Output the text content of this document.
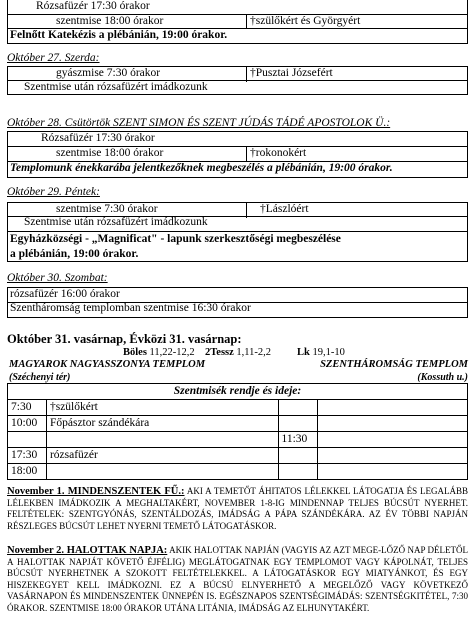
Rózsafüzér 17:30 órakor
szentmise 18:00 órakor	†szülőkért és Györgyért
Felnőtt Katekézis a plébánián, 19:00 órakor.
Október 27. Szerda:
gyászmise 7:30 órakor	†Pusztai Józsefért
Szentmise után rózsafüzért imádkozunk
Október 28. Csütörtök SZENT SIMON ÉS SZENT JÚDÁS TÁDÉ APOSTOLOK Ü.:
Rózsafüzér 17:30 órakor
szentmise 18:00 órakor	†rokonokért
Templomunk énekkarába jelentkezőknek megbeszélés a plébánián, 19:00 órakor.
Október 29. Péntek:
szentmise 7:30 órakor	†Lászlóért
Szentmise után rózsafüzért imádkozunk
Egyházközségi - „Magnificat" - lapunk szerkesztőségi megbeszélése
a plébánián, 19:00 órakor.
Október 30. Szombat:
rózsafüzér 16:00 órakor
Szentháromság templomban szentmise 16:30 órakor
Október 31. vasárnap, Évközi 31. vasárnap:
Böles 11,22-12,2 2Tessz 1,11-2,2 Lk 19,1-10
MAGYAROK NAGYASSZONYA TEMPLOM	SZENTHÁROMSÁG TEMPLOM
(Széchenyi tér)	(Kossuth u.)
Szentmisék rendje és ideje:
7:30	†szülőkért		
10:00	Főpásztor szándékára		
		11:30	
17:30	rózsafüzér		
18:00			
November 1. MINDENSZENTEK FŰ.: AKI A TEMETŐT ÁHITATOS LÉLEKKEL LÁTOGATJA ÉS LEGALÁBB LÉLEKBEN IMÁDKOZIK A MEGHALTAKÉRT, NOVEMBER 1-8-IG MINDENNAP TELJES BÚCSÚT NYERHET. FELTÉTELEK: SZENTGYÓNÁS, SZENTÁLDOZÁS, IMÁDSÁG A PÁPA SZÁNDÉKÁRA. AZ ÉV TÖBBI NAPJÁN RÉSZLEGES BÚCSÚT LEHET NYERNI TEMETŐ LÁTOGATÁSKOR.
November 2. HALOTTAK NAPJA: AKIK HALOTTAK NAPJÁN (VAGYIS AZ AZT MEGE-LŐZŐ NAP DÉLETŐL A HALOTTAK NAPJÁT KÖVETŐ ÉJFÉLIG) MEGLÁTOGATNAK EGY TEMPLOMOT VAGY KÁPOLNÁT, TELJES BÚCSÚT NYERHETNEK A SZOKOTT FELTÉTELEKKEL. A LÁTOGATÁSKOR EGY MIATYÁNKOT, ÉS EGY HISZEKEGYET KELL IMÁDKOZNI. EZ A BÚCSÚ ELNYERHETŐ A MEGELŐZŐ VAGY KÖVETKEZŐ VASÁRNAPON ÉS MINDENSZENTEK ÜNNEPÉN IS. EGÉSZNAPOS SZENTSÉGIMÁDÁS: SZENTSÉGKITÉTEL, 7:30 ÓRAKOR. SZENTMISE 18:00 ÓRAKOR UTÁNA LITÁNIA, IMÁDSÁG AZ ELHUNYTAKÉRT.
